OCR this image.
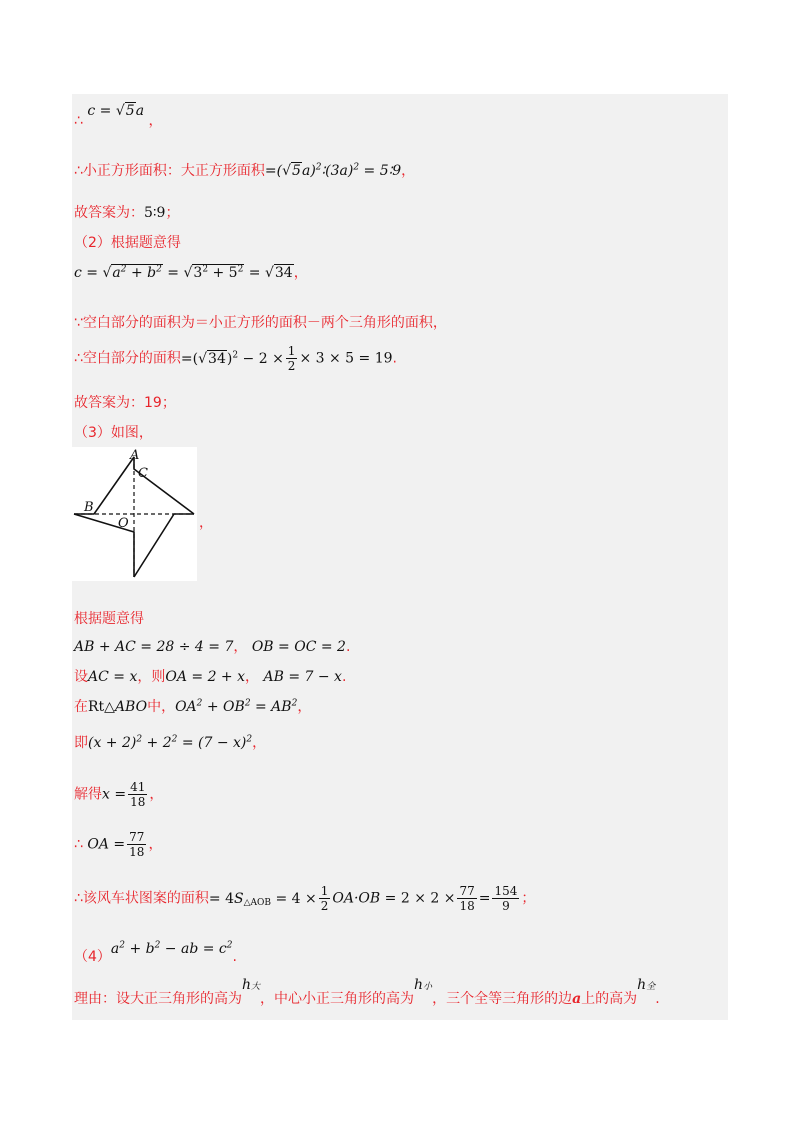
∴ c = √5a ，
∴小正方形面积：大正方形面积$=(√5a)^2∶(3a)^2$ = 5∶9，
故答案为：5∶9；
（2）根据题意得
$c = √a^2 + b^2 = √3^2 + 5^2 = √34$，
∵空白部分的面积为＝小正方形的面积－两个三角形的面积，
∴空白部分的面积$=(√34)^2 - 2 \times \frac{1}{2} \times 3 \times 5 = 19$.
故答案为：19；
（3）如图，
A
C
B
O	，
根据题意得
AB + AC = 28 ÷ 4 = 7， OB = OC = 2.
设AC = x，则OA = 2 + x， AB = 7 − x.
在Rt△ABO中，$OA^2 + OB^2 = AB^2$，
即$(x + 2)^2 + 2^2 = (7 - x)^2$，
解得$x = \frac{41}{18}$ ，
∴ OA = $\frac{77}{18}$ ，
∴该风车状图案的面积= 4S△AOB = $4 \times \frac{1}{2} OA\cdot OB = 2 \times 2 \times \frac{77}{18} = \frac{154}{9}$ ；
$(4)a^2 + b^2$ − ab = $c^2$.
理由：设大正三角形的高为h大，中心小正三角形的高为h小，三个全等三角形的边a上的高为h全.
